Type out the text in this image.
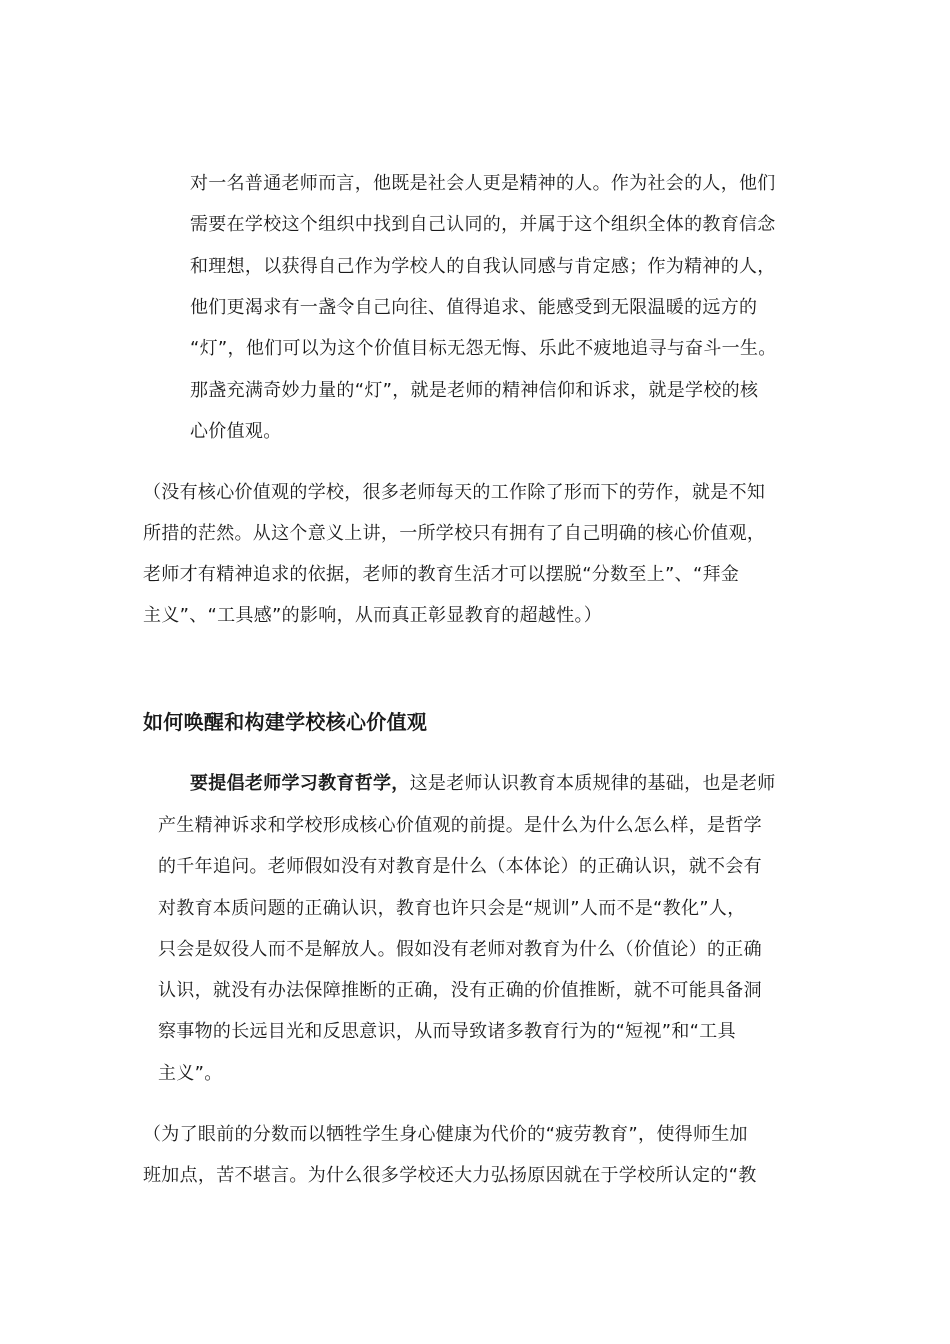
对一名普通老师而言，他既是社会人更是精神的人。作为社会的人，他们
需要在学校这个组织中找到自己认同的，并属于这个组织全体的教育信念
和理想，以获得自己作为学校人的自我认同感与肯定感；作为精神的人，
他们更渴求有一盏令自己向往、值得追求、能感受到无限温暖的远方的
“灯”，他们可以为这个价值目标无怨无悔、乐此不疲地追寻与奋斗一生。
那盏充满奇妙力量的“灯”，就是老师的精神信仰和诉求，就是学校的核
心价值观。
（没有核心价值观的学校，很多老师每天的工作除了形而下的劳作，就是不知
所措的茫然。从这个意义上讲，一所学校只有拥有了自己明确的核心价值观，
老师才有精神追求的依据，老师的教育生活才可以摆脱“分数至上”、“拜金
主义”、“工具感”的影响，从而真正彰显教育的超越性。）
如何唤醒和构建学校核心价值观
要提倡老师学习教育哲学，这是老师认识教育本质规律的基础，也是老师
产生精神诉求和学校形成核心价值观的前提。是什么为什么怎么样，是哲学
的千年追问。老师假如没有对教育是什么（本体论）的正确认识，就不会有
对教育本质问题的正确认识，教育也许只会是“规训”人而不是“教化”人，
只会是奴役人而不是解放人。假如没有老师对教育为什么（价值论）的正确
认识，就没有办法保障推断的正确，没有正确的价值推断，就不可能具备洞
察事物的长远目光和反思意识，从而导致诸多教育行为的“短视”和“工具
主义”。
（为了眼前的分数而以牺牲学生身心健康为代价的“疲劳教育”，使得师生加
班加点，苦不堪言。为什么很多学校还大力弘扬原因就在于学校所认定的“教
